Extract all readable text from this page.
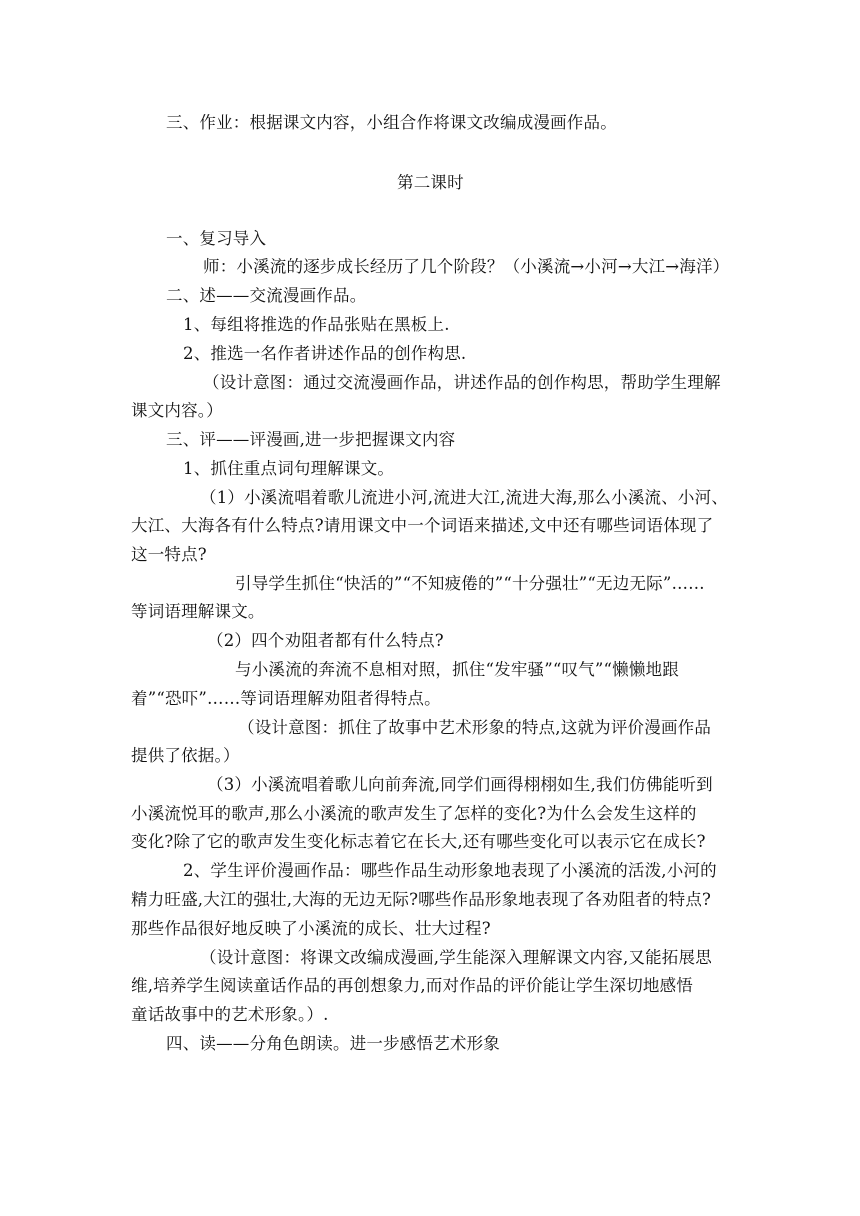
三、作业：根据课文内容，小组合作将课文改编成漫画作品。
第二课时
一、复习导入
师：小溪流的逐步成长经历了几个阶段？（小溪流→小河→大江→海洋）
二、述——交流漫画作品。
1、每组将推选的作品张贴在黑板上.
2、推选一名作者讲述作品的创作构思.
（设计意图：通过交流漫画作品，讲述作品的创作构思，帮助学生理解
课文内容。）
三、评——评漫画,进一步把握课文内容
1、抓住重点词句理解课文。
（1）小溪流唱着歌儿流进小河,流进大江,流进大海,那么小溪流、小河、
大江、大海各有什么特点?请用课文中一个词语来描述,文中还有哪些词语体现了
这一特点?
引导学生抓住“快活的”“不知疲倦的”“十分强壮”“无边无际”……
等词语理解课文。
（2）四个劝阻者都有什么特点?
与小溪流的奔流不息相对照，抓住“发牢骚”“叹气”“懒懒地跟
着”“恐吓”……等词语理解劝阻者得特点。
（设计意图：抓住了故事中艺术形象的特点,这就为评价漫画作品
提供了依据。）
（3）小溪流唱着歌儿向前奔流,同学们画得栩栩如生,我们仿佛能听到
小溪流悦耳的歌声,那么小溪流的歌声发生了怎样的变化?为什么会发生这样的
变化?除了它的歌声发生变化标志着它在长大,还有哪些变化可以表示它在成长?
2、学生评价漫画作品：哪些作品生动形象地表现了小溪流的活泼,小河的
精力旺盛,大江的强壮,大海的无边无际?哪些作品形象地表现了各劝阻者的特点?
那些作品很好地反映了小溪流的成长、壮大过程?
（设计意图：将课文改编成漫画,学生能深入理解课文内容,又能拓展思
维,培养学生阅读童话作品的再创想象力,而对作品的评价能让学生深切地感悟
童话故事中的艺术形象。）.
四、读——分角色朗读。进一步感悟艺术形象
